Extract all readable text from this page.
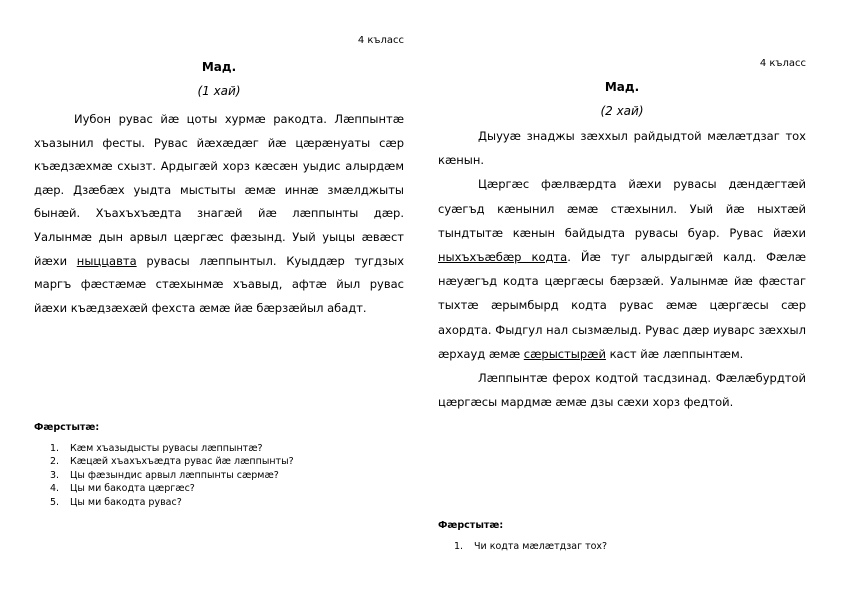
4 къласс
Мад.
(1 хай)

Иубон рувас йæ цоты хурмæ ракодта. Лæппынтæ хъазынил фесты. Рувас йæхæдæг йæ цæрæнуаты сæр къæдзæхмæ схызт. Ардыгæй хорз кæсæн уыдис алырдæм дæр. Дзæбæх уыдта мыстыты æмæ иннæ змæлджыты бынæй. Хъахъхъæдта знагæй йæ лæппынты дæр. Уалынмæ дын арвыл цæргæс фæзынд. Уый уыцы æвæст йæхи ныццавта рувасы лæппынтыл. Куыддæр тугдзых маргъ фæстæмæ стæхынмæ хъавыд, афтæ йыл рувас йæхи къæдзæхæй фехста æмæ йæ бæрзæйыл абадт.

Фæрстытæ:
1. Кæм хъазыдысты рувасы лæппынтæ?
2. Кæцæй хъахъхъæдта рувас йæ лæппынты?
3. Цы фæзындис арвыл лæппынты сæрмæ?
4. Цы ми бакодта цæргæс?
5. Цы ми бакодта рувас?
4 къласс
Мад.
(2 хай)

Дыууæ знаджы зæххыл райдыдтой мæлæтдзаг тох кæнын.

Цæргæс фæлвæрдта йæхи рувасы дæндæгтæй суæгъд кæнынил æмæ стæхынил. Уый йæ ныхтæй тындтытæ кæнын байдыдта рувасы буар. Рувас йæхи ныхъхъæбæр кодта. Йæ туг алырдыгæй калд. Фæлæ нæуæгъд кодта цæргæсы бæрзæй. Уалынмæ йæ фæстаг тыхтæ æрымбырд кодта рувас æмæ цæргæсы сæр ахордта. Фыдгул нал сызмæлыд. Рувас дæр иуварс зæххыл æрхауд æмæ сæрыстырæй каст йæ лæппынтæм.

Лæппынтæ ферох кодтой тасдзинад. Фæлæбурдтой цæргæсы мардмæ æмæ дзы сæхи хорз федтой.

Фæрстытæ:
1. Чи кодта мæлæтдзаг тох?
